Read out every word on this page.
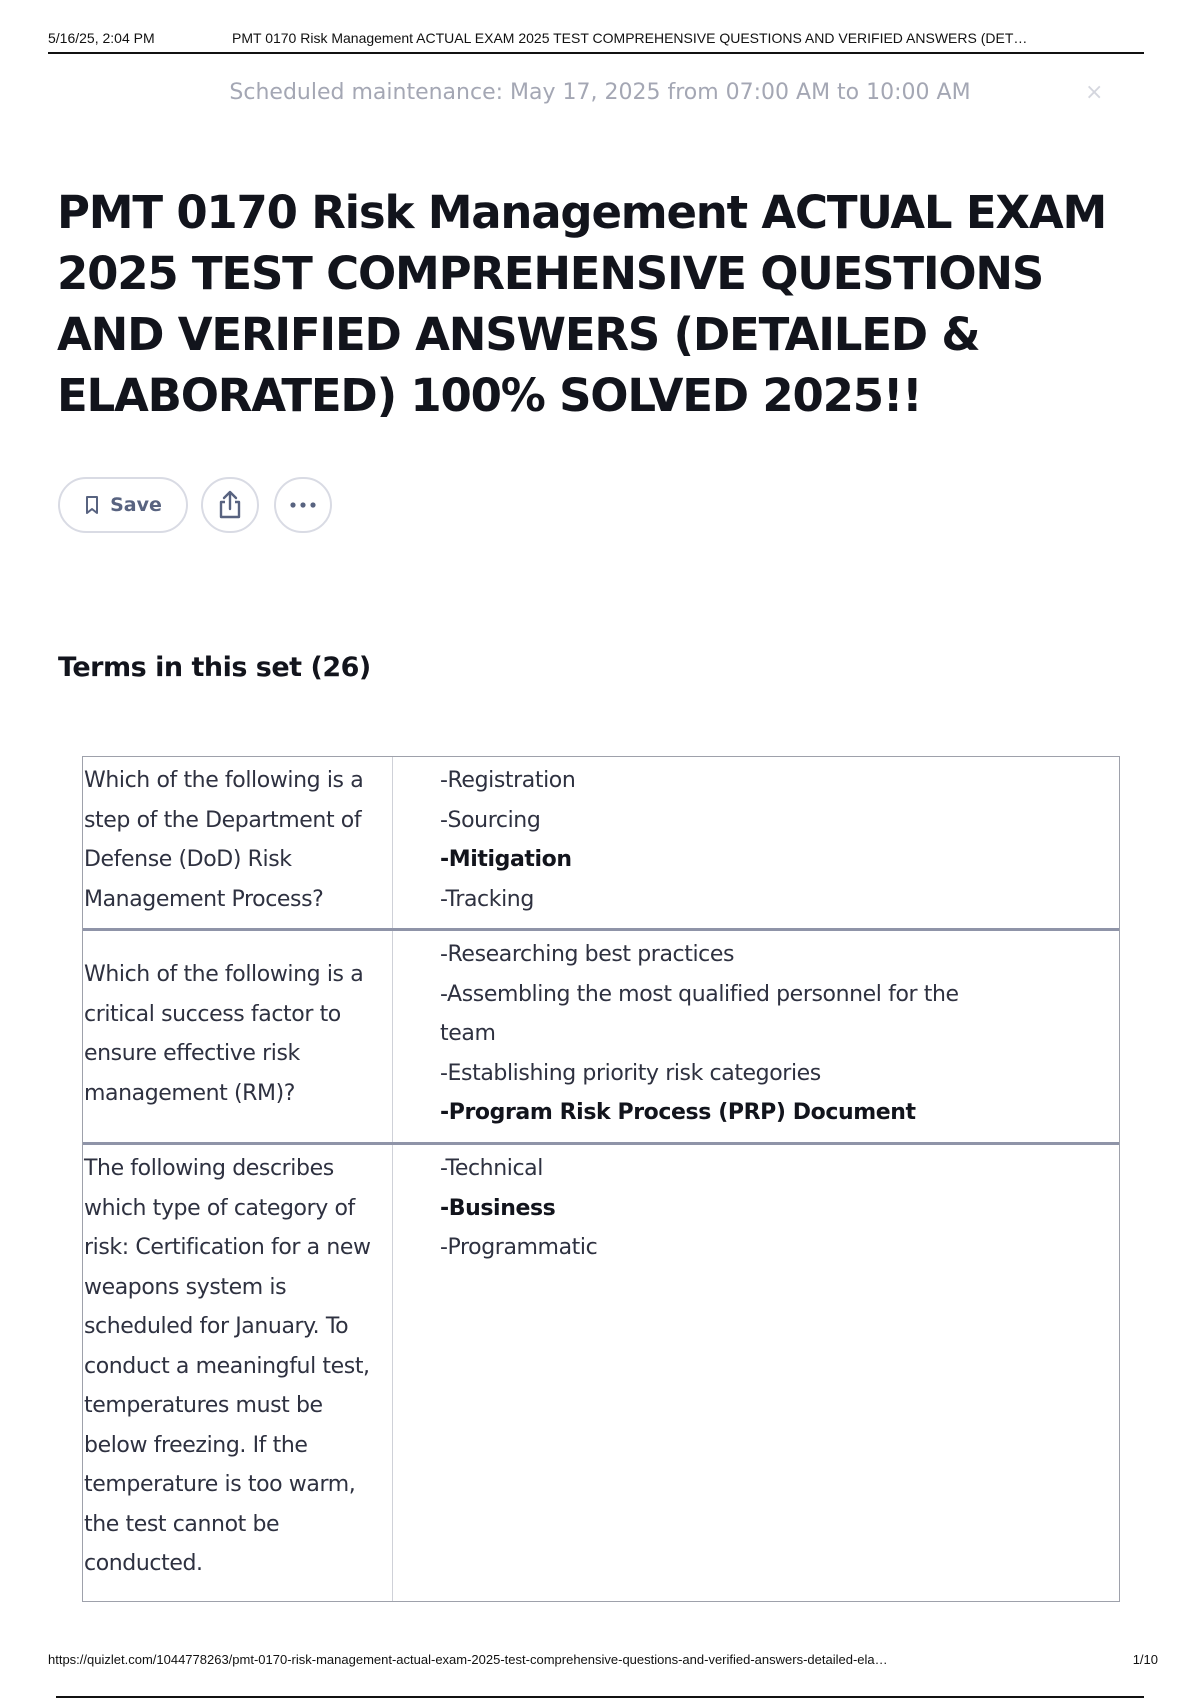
5/16/25, 2:04 PM	PMT 0170 Risk Management ACTUAL EXAM 2025 TEST COMPREHENSIVE QUESTIONS AND VERIFIED ANSWERS (DET…
Scheduled maintenance: May 17, 2025 from 07:00 AM to 10:00 AM	×
PMT 0170 Risk Management ACTUAL EXAM 2025 TEST COMPREHENSIVE QUESTIONS AND VERIFIED ANSWERS (DETAILED & ELABORATED) 100% SOLVED 2025!!
Save
Terms in this set (26)
Which of the following is a step of the Department of Defense (DoD) Risk Management Process?
-Registration
-Sourcing
-Mitigation
-Tracking
Which of the following is a critical success factor to ensure effective risk management (RM)?
-Researching best practices
-Assembling the most qualified personnel for the team
-Establishing priority risk categories
-Program Risk Process (PRP) Document
The following describes which type of category of risk: Certification for a new weapons system is scheduled for January. To conduct a meaningful test, temperatures must be below freezing. If the temperature is too warm, the test cannot be conducted.
-Technical
-Business
-Programmatic
https://quizlet.com/1044778263/pmt-0170-risk-management-actual-exam-2025-test-comprehensive-questions-and-verified-answers-detailed-ela…	1/10
